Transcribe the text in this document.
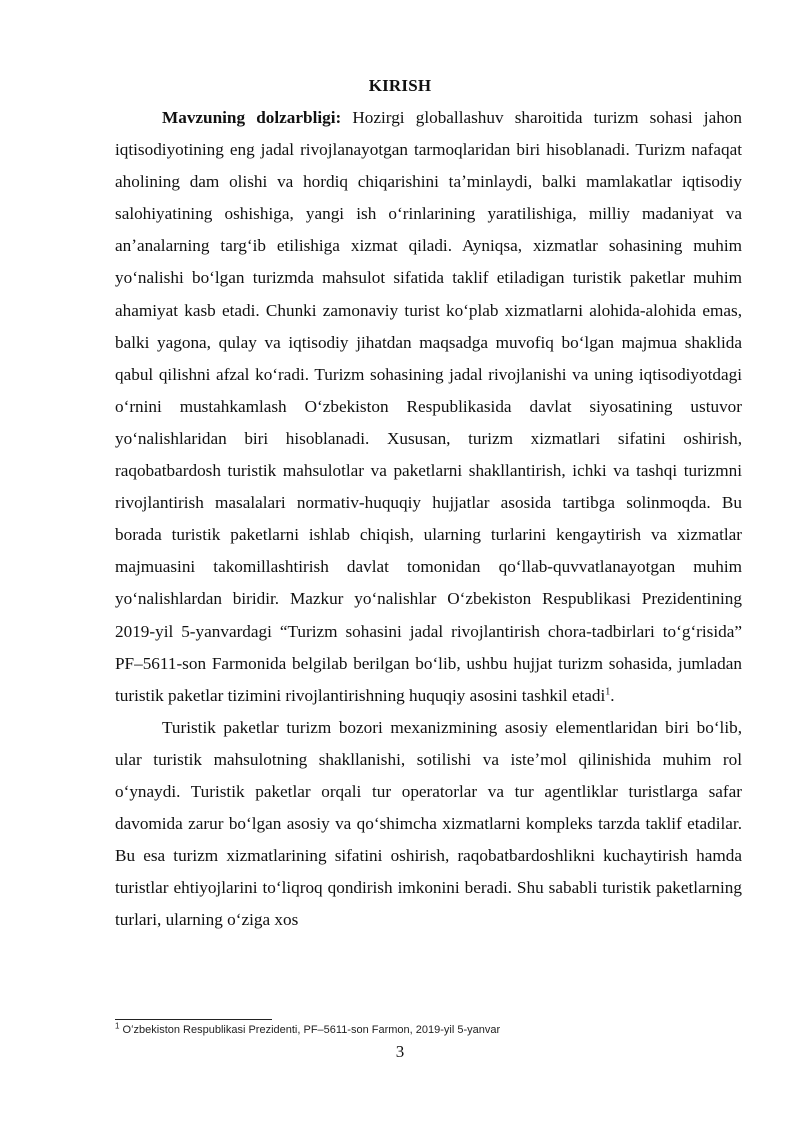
KIRISH

Mavzuning dolzarbligi: Hozirgi globallashuv sharoitida turizm sohasi jahon iqtisodiyotining eng jadal rivojlanayotgan tarmoqlaridan biri hisoblanadi. Turizm nafaqat aholining dam olishi va hordiq chiqarishini taʼminlaydi, balki mamlakatlar iqtisodiy salohiyatining oshishiga, yangi ish oʻrinlarining yaratilishiga, milliy madaniyat va anʼanalarning targʻib etilishiga xizmat qiladi. Ayniqsa, xizmatlar sohasining muhim yoʻnalishi boʻlgan turizmda mahsulot sifatida taklif etiladigan turistik paketlar muhim ahamiyat kasb etadi. Chunki zamonaviy turist koʻplab xizmatlarni alohida-alohida emas, balki yagona, qulay va iqtisodiy jihatdan maqsadga muvofiq boʻlgan majmua shaklida qabul qilishni afzal koʻradi. Turizm sohasining jadal rivojlanishi va uning iqtisodiyotdagi oʻrnini mustahkamlash Oʻzbekiston Respublikasida davlat siyosatining ustuvor yoʻnalishlaridan biri hisoblanadi. Xususan, turizm xizmatlari sifatini oshirish, raqobatbardosh turistik mahsulotlar va paketlarni shakllantirish, ichki va tashqi turizmni rivojlantirish masalalari normativ-huquqiy hujjatlar asosida tartibga solinmoqda. Bu borada turistik paketlarni ishlab chiqish, ularning turlarini kengaytirish va xizmatlar majmuasini takomillashtirish davlat tomonidan qoʻllab-quvvatlanayotgan muhim yoʻnalishlardan biridir. Mazkur yoʻnalishlar Oʻzbekiston Respublikasi Prezidentining 2019-yil 5-yanvardagi “Turizm sohasini jadal rivojlantirish chora-tadbirlari toʻgʻrisida” PF–5611-son Farmonida belgilab berilgan boʻlib, ushbu hujjat turizm sohasida, jumladan turistik paketlar tizimini rivojlantirishning huquqiy asosini tashkil etadi$^1$.

Turistik paketlar turizm bozori mexanizmining asosiy elementlaridan biri boʻlib, ular turistik mahsulotning shakllanishi, sotilishi va isteʼmol qilinishida muhim rol oʻynaydi. Turistik paketlar orqali tur operatorlar va tur agentliklar turistlarga safar davomida zarur boʻlgan asosiy va qoʻshimcha xizmatlarni kompleks tarzda taklif etadilar. Bu esa turizm xizmatlarining sifatini oshirish, raqobatbardoshlikni kuchaytirish hamda turistlar ehtiyojlarini toʻliqroq qondirish imkonini beradi. Shu sababli turistik paketlarning turlari, ularning oʻziga xos

$^1$ Oʻzbekiston Respublikasi Prezidenti, PF–5611-son Farmon, 2019-yil 5-yanvar
3
